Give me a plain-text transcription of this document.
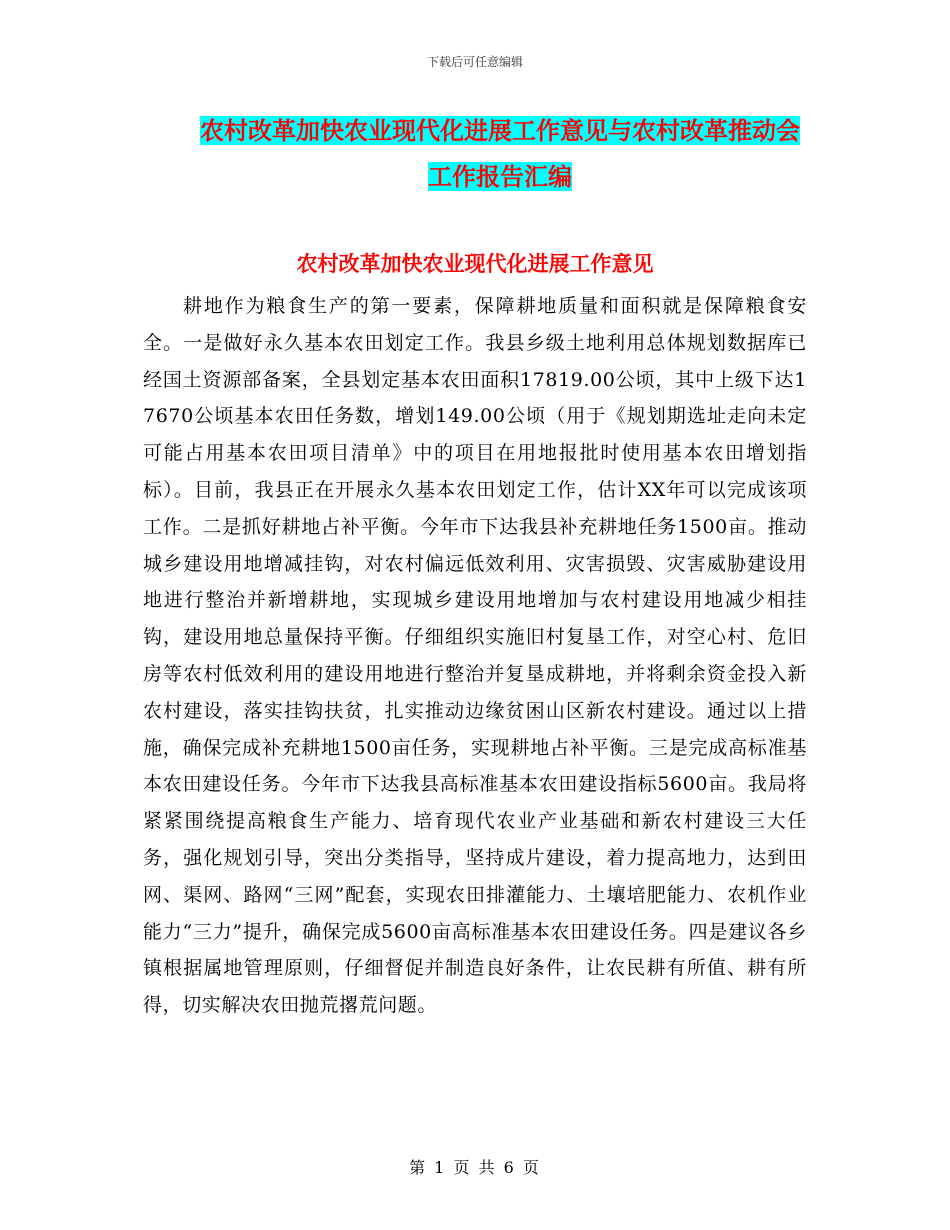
下载后可任意编辑
农村改革加快农业现代化进展工作意见与农村改革推动会工作报告汇编
农村改革加快农业现代化进展工作意见

耕地作为粮食生产的第一要素，保障耕地质量和面积就是保障粮食安全。一是做好永久基本农田划定工作。我县乡级土地利用总体规划数据库已经国土资源部备案，全县划定基本农田面积17819.00公顷，其中上级下达17670公顷基本农田任务数，增划149.00公顷（用于《规划期选址走向未定可能占用基本农田项目清单》中的项目在用地报批时使用基本农田增划指标）。目前，我县正在开展永久基本农田划定工作，估计XX年可以完成该项工作。二是抓好耕地占补平衡。今年市下达我县补充耕地任务1500亩。推动城乡建设用地增减挂钩，对农村偏远低效利用、灾害损毁、灾害威胁建设用地进行整治并新增耕地，实现城乡建设用地增加与农村建设用地减少相挂钩，建设用地总量保持平衡。仔细组织实施旧村复垦工作，对空心村、危旧房等农村低效利用的建设用地进行整治并复垦成耕地，并将剩余资金投入新农村建设，落实挂钩扶贫，扎实推动边缘贫困山区新农村建设。通过以上措施，确保完成补充耕地1500亩任务，实现耕地占补平衡。三是完成高标准基本农田建设任务。今年市下达我县高标准基本农田建设指标5600亩。我局将紧紧围绕提高粮食生产能力、培育现代农业产业基础和新农村建设三大任务，强化规划引导，突出分类指导，坚持成片建设，着力提高地力，达到田网、渠网、路网“三网”配套，实现农田排灌能力、土壤培肥能力、农机作业能力“三力”提升，确保完成5600亩高标准基本农田建设任务。四是建议各乡镇根据属地管理原则，仔细督促并制造良好条件，让农民耕有所值、耕有所得，切实解决农田抛荒撂荒问题。

第 1 页 共 6 页
